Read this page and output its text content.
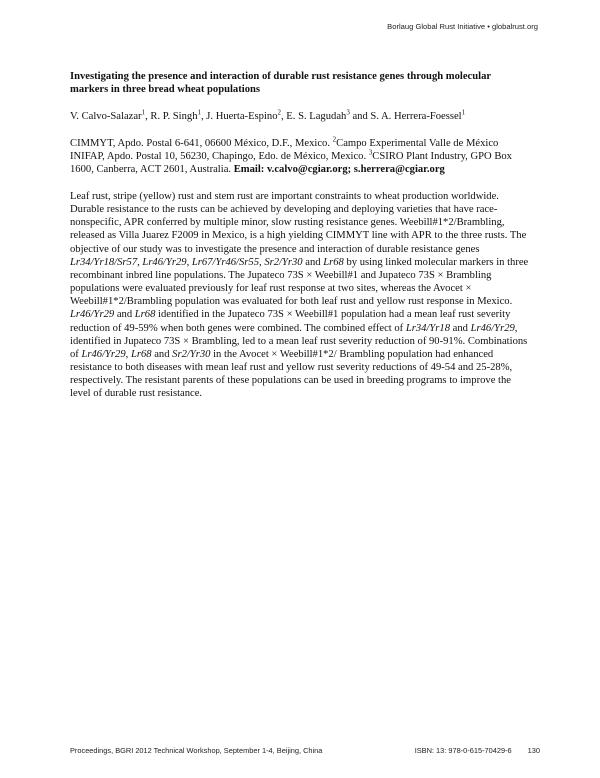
Borlaug Global Rust Initiative • globalrust.org

Investigating the presence and interaction of durable rust resistance genes through molecular markers in three bread wheat populations

V. Calvo-Salazar$^1$, R. P. Singh$^1$, J. Huerta-Espino$^2$, E. S. Lagudah$^3$ and S. A. Herrera-Foessel$^1$
CIMMYT, Apdo. Postal 6-641, 06600 México, D.F., Mexico. $^2$Campo Experimental Valle de México INIFAP, Apdo. Postal 10, 56230, Chapingo, Edo. de México, Mexico. $^3$CSIRO Plant Industry, GPO Box 1600, Canberra, ACT 2601, Australia. Email: v.calvo@cgiar.org; s.herrera@cgiar.org
Leaf rust, stripe (yellow) rust and stem rust are important constraints to wheat production worldwide. Durable resistance to the rusts can be achieved by developing and deploying varieties that have race-nonspecific, APR conferred by multiple minor, slow rusting resistance genes. Weebill#1*2/Brambling, released as Villa Juarez F2009 in Mexico, is a high yielding CIMMYT line with APR to the three rusts. The objective of our study was to investigate the presence and interaction of durable resistance genes Lr34/Yr18/Sr57, Lr46/Yr29, Lr67/Yr46/Sr55, Sr2/Yr30 and Lr68 by using linked molecular markers in three recombinant inbred line populations. The Jupateco 73S × Weebill#1 and Jupateco 73S × Brambling populations were evaluated previously for leaf rust response at two sites, whereas the Avocet × Weebill#1*2/Brambling population was evaluated for both leaf rust and yellow rust response in Mexico. Lr46/Yr29 and Lr68 identified in the Jupateco 73S × Weebill#1 population had a mean leaf rust severity reduction of 49-59% when both genes were combined. The combined effect of Lr34/Yr18 and Lr46/Yr29, identified in Jupateco 73S × Brambling, led to a mean leaf rust severity reduction of 90-91%. Combinations of Lr46/Yr29, Lr68 and Sr2/Yr30 in the Avocet × Weebill#1*2/ Brambling population had enhanced resistance to both diseases with mean leaf rust and yellow rust severity reductions of 49-54 and 25-28%, respectively. The resistant parents of these populations can be used in breeding programs to improve the level of durable rust resistance.
Proceedings, BGRI 2012 Technical Workshop, September 1-4, Beijing, China	ISBN: 13: 978-0-615-70429-6 130
